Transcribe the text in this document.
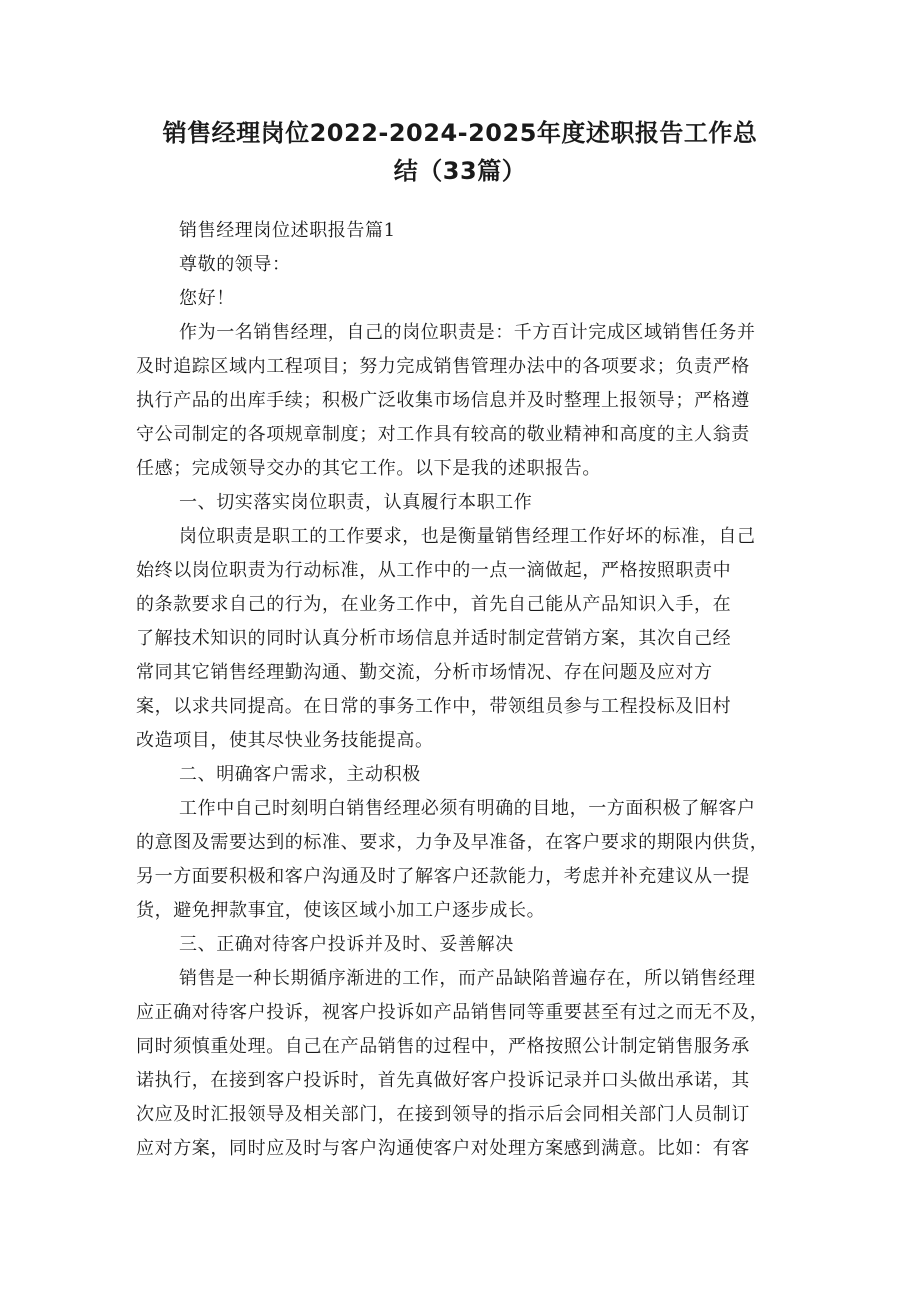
销售经理岗位2022-2024-2025年度述职报告工作总
结（33篇）

销售经理岗位述职报告篇1

尊敬的领导：

您好！

作为一名销售经理，自己的岗位职责是：千方百计完成区域销售任务并
及时追踪区域内工程项目；努力完成销售管理办法中的各项要求；负责严格
执行产品的出库手续；积极广泛收集市场信息并及时整理上报领导；严格遵
守公司制定的各项规章制度；对工作具有较高的敬业精神和高度的主人翁责
任感；完成领导交办的其它工作。以下是我的述职报告。

一、切实落实岗位职责，认真履行本职工作

岗位职责是职工的工作要求，也是衡量销售经理工作好坏的标准，自己
始终以岗位职责为行动标准，从工作中的一点一滴做起，严格按照职责中
的条款要求自己的行为，在业务工作中，首先自己能从产品知识入手，在
了解技术知识的同时认真分析市场信息并适时制定营销方案，其次自己经
常同其它销售经理勤沟通、勤交流，分析市场情况、存在问题及应对方
案，以求共同提高。在日常的事务工作中，带领组员参与工程投标及旧村
改造项目，使其尽快业务技能提高。

二、明确客户需求，主动积极

工作中自己时刻明白销售经理必须有明确的目地，一方面积极了解客户
的意图及需要达到的标准、要求，力争及早准备，在客户要求的期限内供货，
另一方面要积极和客户沟通及时了解客户还款能力，考虑并补充建议从一提
货，避免押款事宜，使该区域小加工户逐步成长。

三、正确对待客户投诉并及时、妥善解决

销售是一种长期循序渐进的工作，而产品缺陷普遍存在，所以销售经理
应正确对待客户投诉，视客户投诉如产品销售同等重要甚至有过之而无不及，
同时须慎重处理。自己在产品销售的过程中，严格按照公计制定销售服务承
诺执行，在接到客户投诉时，首先真做好客户投诉记录并口头做出承诺，其
次应及时汇报领导及相关部门，在接到领导的指示后会同相关部门人员制订
应对方案，同时应及时与客户沟通使客户对处理方案感到满意。比如：有客
